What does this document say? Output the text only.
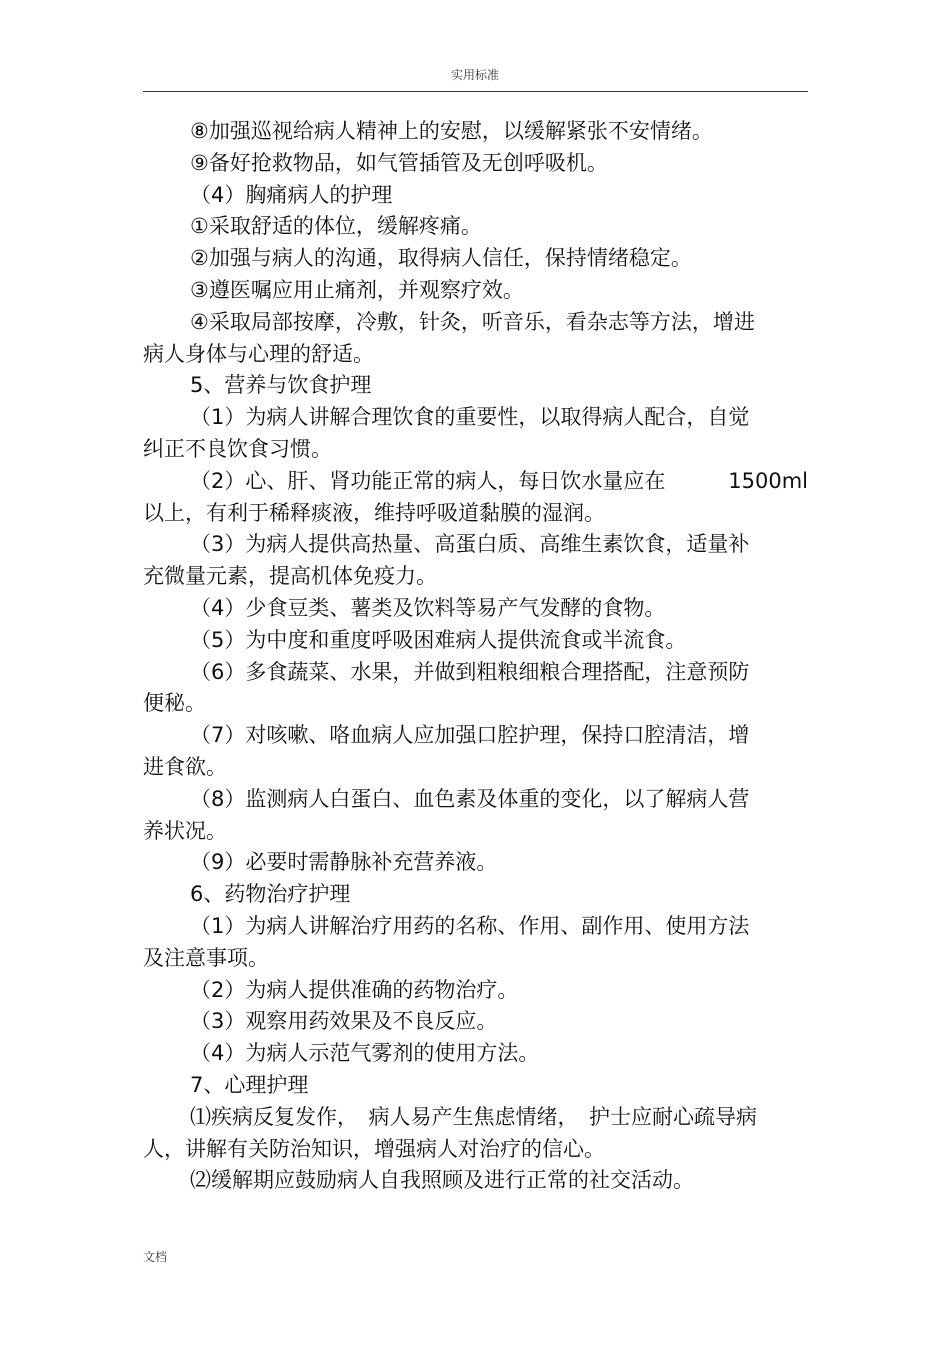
实用标准

⑧加强巡视给病人精神上的安慰，以缓解紧张不安情绪。

⑨备好抢救物品，如气管插管及无创呼吸机。

（4）胸痛病人的护理

①采取舒适的体位，缓解疼痛。

②加强与病人的沟通，取得病人信任，保持情绪稳定。

③遵医嘱应用止痛剂，并观察疗效。

④采取局部按摩，冷敷，针灸，听音乐，看杂志等方法，增进病人身体与心理的舒适。

5、营养与饮食护理

（1）为病人讲解合理饮食的重要性，以取得病人配合，自觉纠正不良饮食习惯。

（2）心、肝、肾功能正常的病人，每日饮水量应在	1500ml

以上，有利于稀释痰液，维持呼吸道黏膜的湿润。

（3）为病人提供高热量、高蛋白质、高维生素饮食，适量补充微量元素，提高机体免疫力。

（4）少食豆类、薯类及饮料等易产气发酵的食物。

（5）为中度和重度呼吸困难病人提供流食或半流食。

（6）多食蔬菜、水果，并做到粗粮细粮合理搭配，注意预防便秘。

（7）对咳嗽、咯血病人应加强口腔护理，保持口腔清洁，增进食欲。

（8）监测病人白蛋白、血色素及体重的变化，以了解病人营养状况。

（9）必要时需静脉补充营养液。

6、药物治疗护理

（1）为病人讲解治疗用药的名称、作用、副作用、使用方法及注意事项。

（2）为病人提供准确的药物治疗。

（3）观察用药效果及不良反应。

（4）为病人示范气雾剂的使用方法。

7、心理护理

⑴疾病反复发作，　病人易产生焦虑情绪，　护士应耐心疏导病人，讲解有关防治知识，增强病人对治疗的信心。

⑵缓解期应鼓励病人自我照顾及进行正常的社交活动。

文档
